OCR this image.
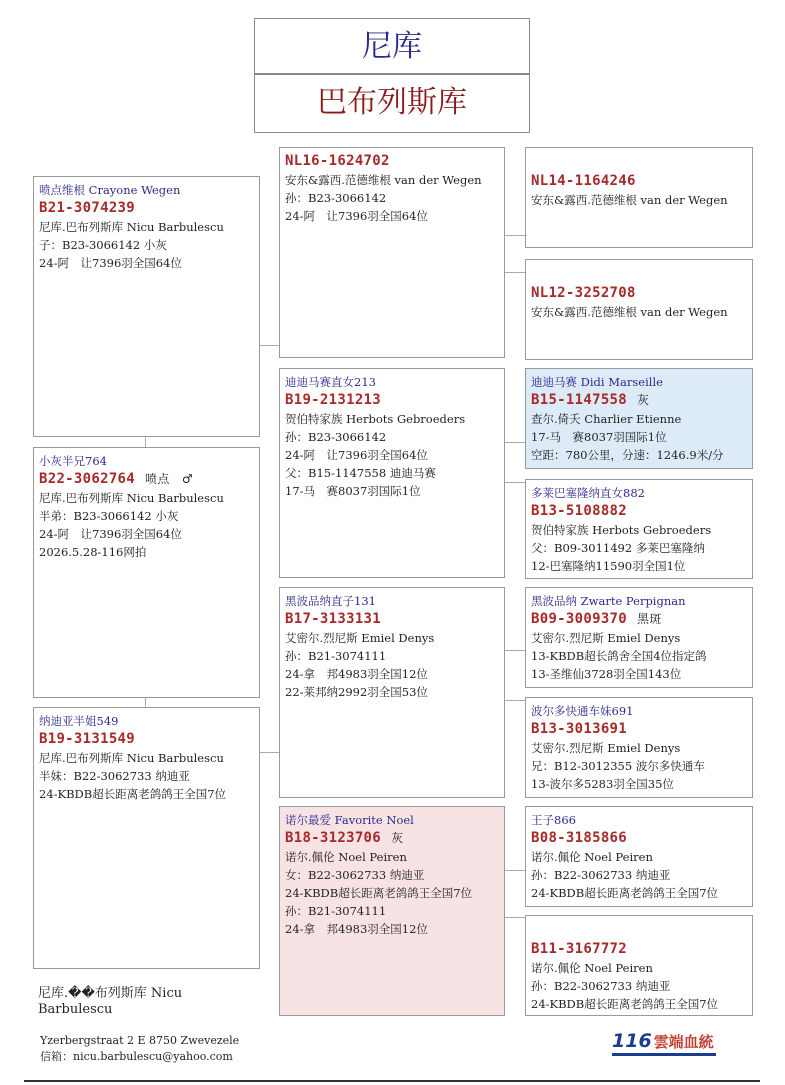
尼库
巴布列斯库
喷点维根 Crayone Wegen
B21-3074239
尼库.巴布列斯库 Nicu Barbulescu
子：B23-3066142 小灰
24-阿　让7396羽全国64位
小灰半兄764
B22-3062764 喷点　♂
尼库.巴布列斯库 Nicu Barbulescu
半弟：B23-3066142 小灰
24-阿　让7396羽全国64位
2026.5.28-116网拍
纳迪亚半姐549
B19-3131549
尼库.巴布列斯库 Nicu Barbulescu
半妹：B22-3062733 纳迪亚
24-KBDB超长距离老鸽鸽王全国7位
NL16-1624702
安东&露西.范德维根 van der Wegen
孙：B23-3066142
24-阿　让7396羽全国64位
迪迪马赛直女213
B19-2131213
贺伯特家族 Herbots Gebroeders
孙：B23-3066142
24-阿　让7396羽全国64位
父：B15-1147558 迪迪马赛
17-马　赛8037羽国际1位
黑波品纳直子131
B17-3133131
艾密尔.烈尼斯 Emiel Denys
孙：B21-3074111
24-拿　邦4983羽全国12位
22-莱邦纳2992羽全国53位
诺尔最爱 Favorite Noel
B18-3123706 灰
诺尔.佩伦 Noel Peiren
女：B22-3062733 纳迪亚
24-KBDB超长距离老鸽鸽王全国7位
孙：B21-3074111
24-拿　邦4983羽全国12位
NL14-1164246
安东&露西.范德维根 van der Wegen
NL12-3252708
安东&露西.范德维根 van der Wegen
迪迪马赛 Didi Marseille
B15-1147558 灰
查尔.倚夭 Charlier Etienne
17-马　赛8037羽国际1位
空距：780公里，分速：1246.9米/分
多莱巴塞隆纳直女882
B13-5108882
贺伯特家族 Herbots Gebroeders
父：B09-3011492 多莱巴塞隆纳
12-巴塞隆纳11590羽全国1位
黑波品纳 Zwarte Perpignan
B09-3009370 黑斑
艾密尔.烈尼斯 Emiel Denys
13-KBDB超长鸽舍全国4位指定鸽
13-圣维仙3728羽全国143位
波尔多快通车妹691
B13-3013691
艾密尔.烈尼斯 Emiel Denys
兄：B12-3012355 波尔多快通车
13-波尔多5283羽全国35位
王子866
B08-3185866
诺尔.佩伦 Noel Peiren
孙：B22-3062733 纳迪亚
24-KBDB超长距离老鸽鸽王全国7位
B11-3167772
诺尔.佩伦 Noel Peiren
孙：B22-3062733 纳迪亚
24-KBDB超长距离老鸽鸽王全国7位
尼库.��布列斯库 Nicu Barbulescu
Yzerbergstraat 2 E 8750 Zwevezele
信箱：nicu.barbulescu@yahoo.com
116 雲端血統
